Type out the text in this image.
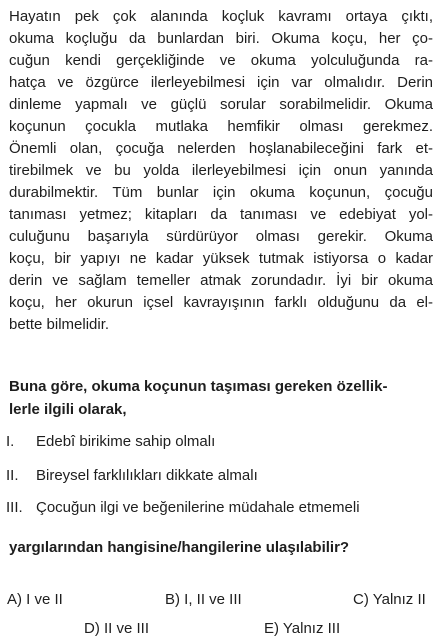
Hayatın pek çok alanında koçluk kavramı ortaya çıktı,
okuma koçluğu da bunlardan biri. Okuma koçu, her ço-
cuğun kendi gerçekliğinde ve okuma yolculuğunda ra-
hatça ve özgürce ilerleyebilmesi için var olmalıdır. Derin
dinleme yapmalı ve güçlü sorular sorabilmelidir. Okuma
koçunun çocukla mutlaka hemfikir olması gerekmez.
Önemli olan, çocuğa nelerden hoşlanabileceğini fark et-
tirebilmek ve bu yolda ilerleyebilmesi için onun yanında
durabilmektir. Tüm bunlar için okuma koçunun, çocuğu
tanıması yetmez; kitapları da tanıması ve edebiyat yol-
culuğunu başarıyla sürdürüyor olması gerekir. Okuma
koçu, bir yapıyı ne kadar yüksek tutmak istiyorsa o kadar
derin ve sağlam temeller atmak zorundadır. İyi bir okuma
koçu, her okurun içsel kavrayışının farklı olduğunu da el-
bette bilmelidir.
Buna göre, okuma koçunun taşıması gereken özellik-
lerle ilgili olarak,
I. Edebî birikime sahip olmalı
II. Bireysel farklılıkları dikkate almalı
III. Çocuğun ilgi ve beğenilerine müdahale etmemeli
yargılarından hangisine/hangilerine ulaşılabilir?
A) I ve II	B) I, II ve III	C) Yalnız II
D) II ve III	E) Yalnız III
